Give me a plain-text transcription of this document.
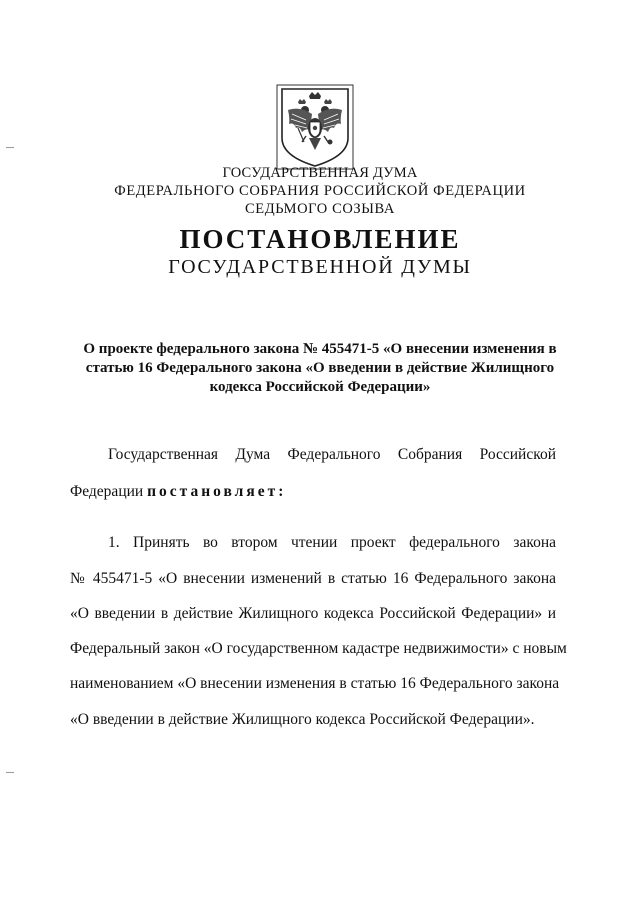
ГОСУДАРСТВЕННАЯ ДУМА
ФЕДЕРАЛЬНОГО СОБРАНИЯ РОССИЙСКОЙ ФЕДЕРАЦИИ
СЕДЬМОГО СОЗЫВА
ПОСТАНОВЛЕНИЕ
ГОСУДАРСТВЕННОЙ ДУМЫ
О проекте федерального закона № 455471-5 «О внесении изменения в
статью 16 Федерального закона «О введении в действие Жилищного
кодекса Российской Федерации»
Государственная Дума Федерального Собрания Российской
Федерации постановляет:
1. Принять во втором чтении проект федерального закона
№ 455471-5 «О внесении изменений в статью 16 Федерального закона
«О введении в действие Жилищного кодекса Российской Федерации» и
Федеральный закон «О государственном кадастре недвижимости» с новым
наименованием «О внесении изменения в статью 16 Федерального закона
«О введении в действие Жилищного кодекса Российской Федерации».
